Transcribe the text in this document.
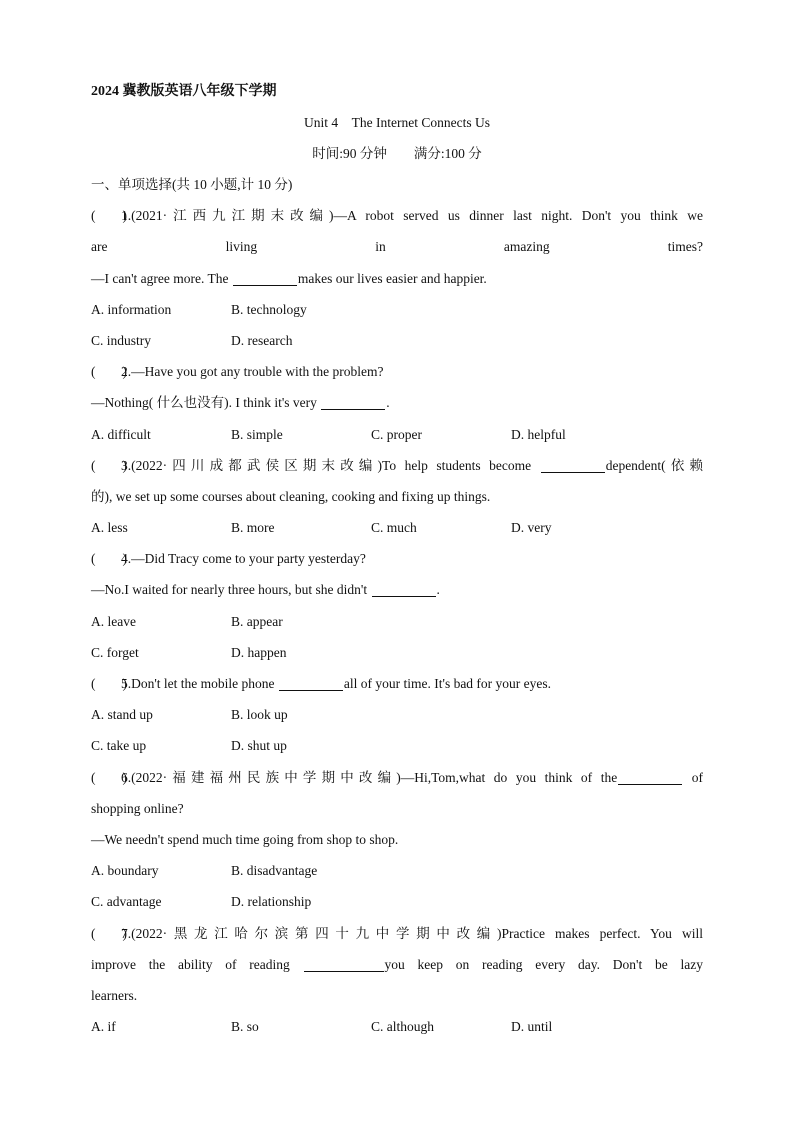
2024 冀教版英语八年级下学期
Unit 4　The Internet Connects Us
时间:90 分钟　　满分:100 分
一、单项选择(共 10 小题,计 10 分)
(　　)1.(2021·江西九江期末改编)—A robot served us dinner last night. Don't you think we
are living in amazing times?
—I can't agree more. The	makes our lives easier and happier.
A. information	B. technology
C. industry	D. research
(　　)2.—Have you got any trouble with the problem?
—Nothing( 什么也没有). I think it's very	.
A. difficult	B. simple	C. proper	D. helpful
(　　)3.(2022·四川成都武侯区期末改编)To help students become	dependent(依赖
的), we set up some courses about cleaning, cooking and fixing up things.
A. less	B. more	C. much	D. very
(　　)4.—Did Tracy come to your party yesterday?
—No.I waited for nearly three hours, but she didn't	.
A. leave	B. appear
C. forget	D. happen
(　　)5.Don't let the mobile phone	all of your time. It's bad for your eyes.
A. stand up	B. look up
C. take up	D. shut up
(　　)6.(2022·福建福州民族中学期中改编)—Hi,Tom,what do you think of the	of
shopping online?
—We needn't spend much time going from shop to shop.
A. boundary	B. disadvantage
C. advantage	D. relationship
(　　)7.(2022·黑龙江哈尔滨第四十九中学期中改编)Practice makes perfect. You will
improve the ability of reading	you keep on reading every day. Don't be lazy
learners.
A. if	B. so	C. although	D. until
